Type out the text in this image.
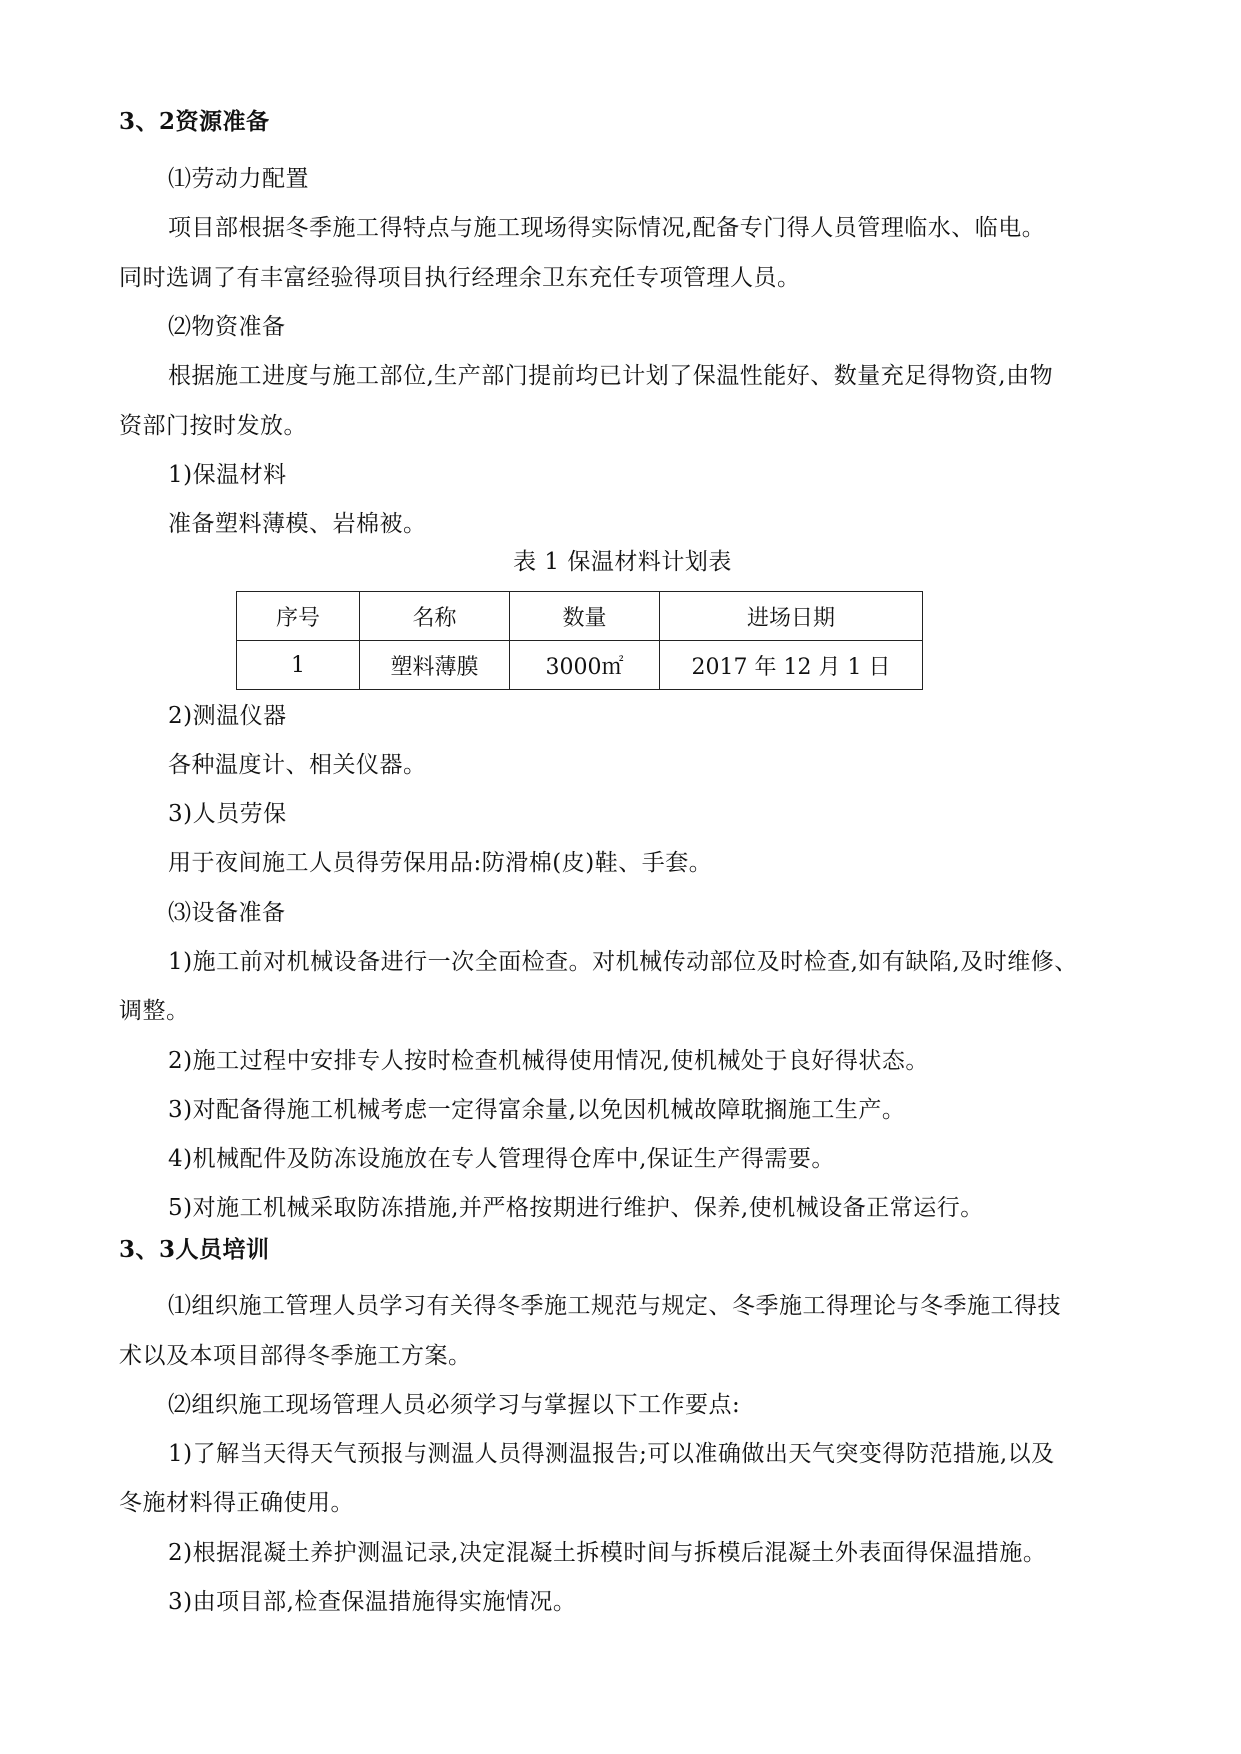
3、2资源准备
⑴劳动力配置
项目部根据冬季施工得特点与施工现场得实际情况,配备专门得人员管理临水、临电。
同时选调了有丰富经验得项目执行经理余卫东充任专项管理人员。
⑵物资准备
根据施工进度与施工部位,生产部门提前均已计划了保温性能好、数量充足得物资,由物
资部门按时发放。
1)保温材料
准备塑料薄模、岩棉被。
表 1 保温材料计划表
序号	名称	数量	进场日期
1	塑料薄膜	3000㎡	2017 年 12 月 1 日
2)测温仪器
各种温度计、相关仪器。
3)人员劳保
用于夜间施工人员得劳保用品:防滑棉(皮)鞋、手套。
⑶设备准备
1)施工前对机械设备进行一次全面检查。对机械传动部位及时检查,如有缺陷,及时维修、
调整。
2)施工过程中安排专人按时检查机械得使用情况,使机械处于良好得状态。
3)对配备得施工机械考虑一定得富余量,以免因机械故障耽搁施工生产。
4)机械配件及防冻设施放在专人管理得仓库中,保证生产得需要。
5)对施工机械采取防冻措施,并严格按期进行维护、保养,使机械设备正常运行。
3、3人员培训
⑴组织施工管理人员学习有关得冬季施工规范与规定、冬季施工得理论与冬季施工得技
术以及本项目部得冬季施工方案。
⑵组织施工现场管理人员必须学习与掌握以下工作要点:
1)了解当天得天气预报与测温人员得测温报告;可以准确做出天气突变得防范措施,以及
冬施材料得正确使用。
2)根据混凝土养护测温记录,决定混凝土拆模时间与拆模后混凝土外表面得保温措施。
3)由项目部,检查保温措施得实施情况。
